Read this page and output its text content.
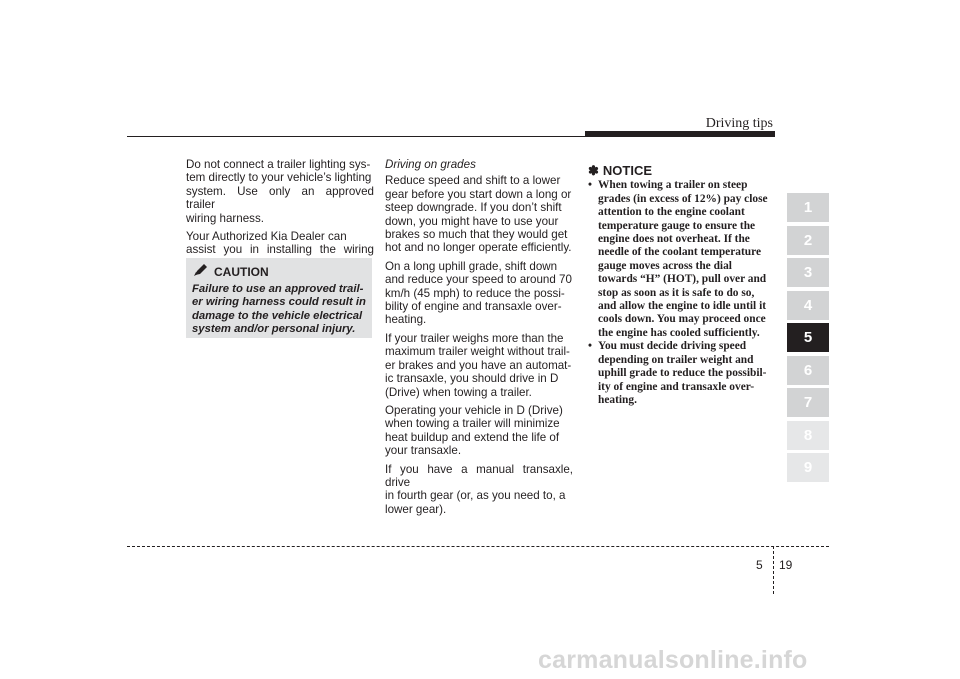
Driving tips

Do not connect a trailer lighting sys-
tem directly to your vehicle’s lighting
system. Use only an approved trailer
wiring harness.

Your Authorized Kia Dealer can
assist you in installing the wiring

CAUTION
Failure to use an approved trail-
er wiring harness could result in
damage to the vehicle electrical
system and/or personal injury.
Driving on grades

Reduce speed and shift to a lower
gear before you start down a long or
steep downgrade. If you don’t shift
down, you might have to use your
brakes so much that they would get
hot and no longer operate efficiently.

On a long uphill grade, shift down
and reduce your speed to around 70
km/h (45 mph) to reduce the possi-
bility of engine and transaxle over-
heating.

If your trailer weighs more than the
maximum trailer weight without trail-
er brakes and you have an automat-
ic transaxle, you should drive in D
(Drive) when towing a trailer.

Operating your vehicle in D (Drive)
when towing a trailer will minimize
heat buildup and extend the life of
your transaxle.

If you have a manual transaxle, drive
in fourth gear (or, as you need to, a
lower gear).

✽ NOTICE
• When towing a trailer on steep
grades (in excess of 12%) pay close
attention to the engine coolant
temperature gauge to ensure the
engine does not overheat. If the
needle of the coolant temperature
gauge moves across the dial
towards “H” (HOT), pull over and
stop as soon as it is safe to do so,
and allow the engine to idle until it
cools down. You may proceed once
the engine has cooled sufficiently.
• You must decide driving speed
depending on trailer weight and
uphill grade to reduce the possibil-
ity of engine and transaxle over-
heating.
1
2
3
4
5
6
7
8
9
5 19
carmanualsonline.info
